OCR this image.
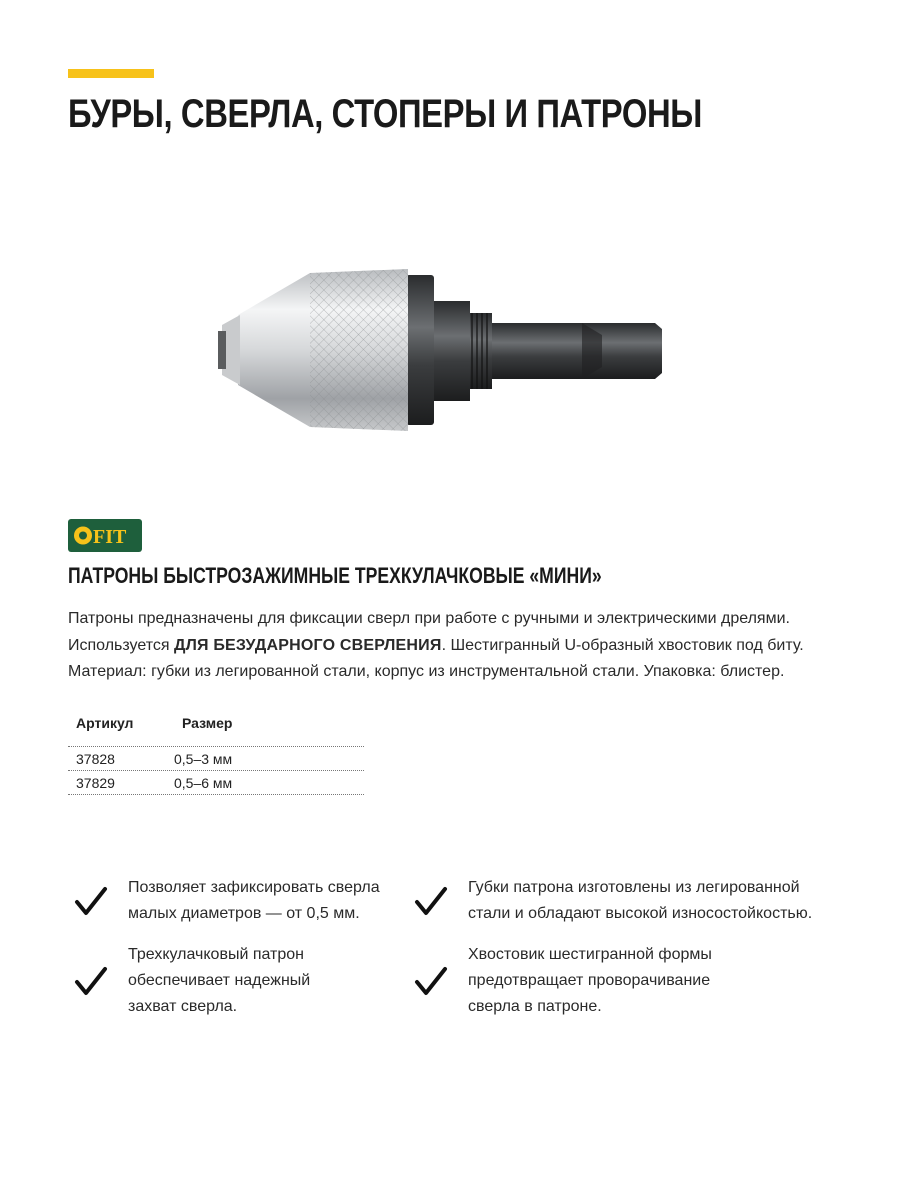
БУРЫ, СВЕРЛА, СТОПЕРЫ И ПАТРОНЫ
FIT
ПАТРОНЫ БЫСТРОЗАЖИМНЫЕ ТРЕХКУЛАЧКОВЫЕ «МИНИ»

Патроны предназначены для фиксации сверл при работе с ручными и электрическими дрелями.

Используется ДЛЯ БЕЗУДАРНОГО СВЕРЛЕНИЯ. Шестигранный U-образный хвостовик под биту.

Материал: губки из легированной стали, корпус из инструментальной стали. Упаковка: блистер.

Артикул	Размер
37828	0,5–3 мм
37829	0,5–6 мм
Позволяет зафиксировать сверла малых диаметров — от 0,5 мм.
Губки патрона изготовлены из легированной стали и обладают высокой износостойкостью.
Трехкулачковый патрон обеспечивает надежный захват сверла.
Хвостовик шестигранной формы предотвращает проворачивание сверла в патроне.
